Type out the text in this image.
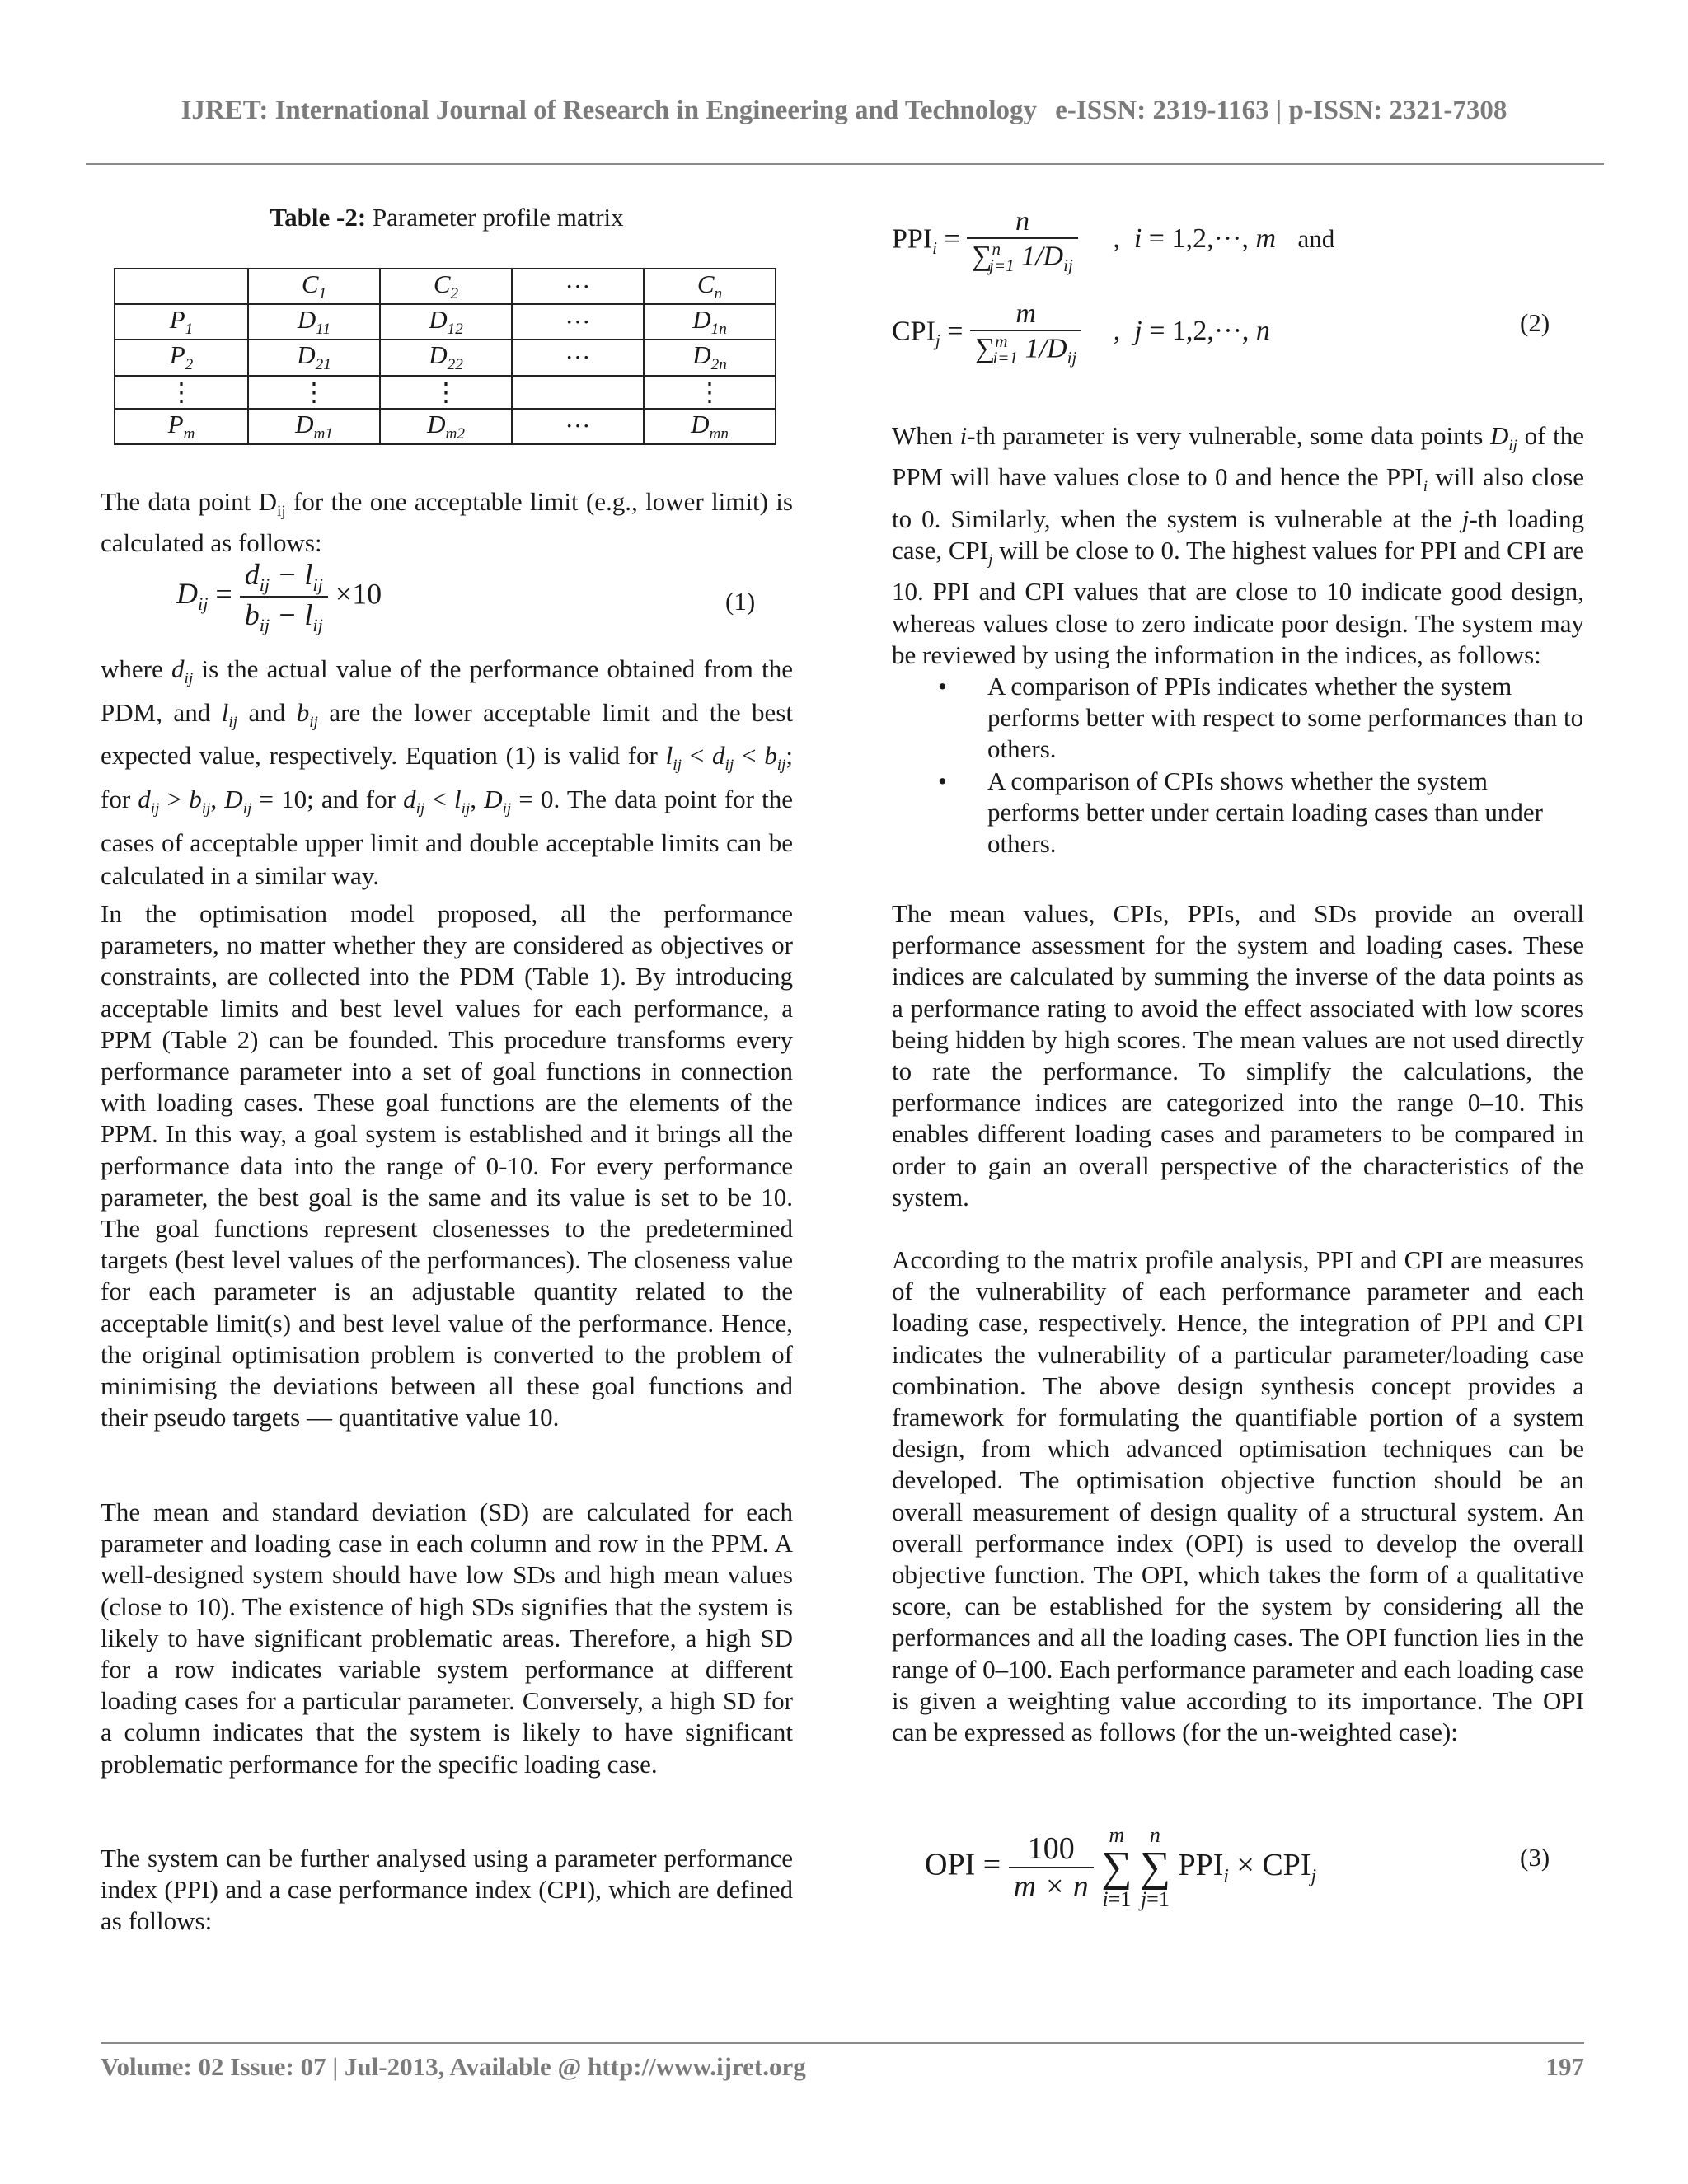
IJRET: International Journal of Research in Engineering and Technology e-ISSN: 2319-1163 | p-ISSN: 2321-7308
Table -2: Parameter profile matrix
	$C_1$	$C_2$	···	$C_n$
$P_1$	$D_{11}$	$D_{12}$	···	$D_{1n}$
$P_2$	$D_{21}$	$D_{22}$	···	$D_{2n}$
⋮	⋮	⋮		⋮
$P_m$	$D_{m1}$	$D_{m2}$	···	$D_{mn}$

The data point $D_{ij}$ for the one acceptable limit (e.g., lower limit) is calculated as follows:

$D_{ij} = \frac{d_{ij} - l_{ij}}{b_{ij} - l_{ij}} \times 10$	(1)

where $d_{ij}$ is the actual value of the performance obtained from the PDM, and $l_{ij}$ and $b_{ij}$ are the lower acceptable limit and the best expected value, respectively. Equation (1) is valid for $l_{ij} < d_{ij} < b_{ij}$; for $d_{ij} > b_{ij}$, $D_{ij} = 10$; and for $d_{ij} < l_{ij}$, $D_{ij} = 0$. The data point for the cases of acceptable upper limit and double acceptable limits can be calculated in a similar way.

In the optimisation model proposed, all the performance parameters, no matter whether they are considered as objectives or constraints, are collected into the PDM (Table 1). By introducing acceptable limits and best level values for each performance, a PPM (Table 2) can be founded. This procedure transforms every performance parameter into a set of goal functions in connection with loading cases. These goal functions are the elements of the PPM. In this way, a goal system is established and it brings all the performance data into the range of 0-10. For every performance parameter, the best goal is the same and its value is set to be 10. The goal functions represent closenesses to the predetermined targets (best level values of the performances). The closeness value for each parameter is an adjustable quantity related to the acceptable limit(s) and best level value of the performance. Hence, the original optimisation problem is converted to the problem of minimising the deviations between all these goal functions and their pseudo targets — quantitative value 10.

The mean and standard deviation (SD) are calculated for each parameter and loading case in each column and row in the PPM. A well-designed system should have low SDs and high mean values (close to 10). The existence of high SDs signifies that the system is likely to have significant problematic areas. Therefore, a high SD for a row indicates variable system performance at different loading cases for a particular parameter. Conversely, a high SD for a column indicates that the system is likely to have significant problematic performance for the specific loading case.

The system can be further analysed using a parameter performance index (PPI) and a case performance index (CPI), which are defined as follows:

$PPI_i = \frac{n}{\sum^n_{j=1} 1/D_{ij}}$ ,  i = 1,2,···, m and
$CPI_j = \frac{m}{\sum^m_{i=1} 1/D_{ij}}$ ,  j = 1,2,···, n	(2)

When i-th parameter is very vulnerable, some data points $D_{ij}$ of the PPM will have values close to 0 and hence the $PPI_i$ will also close to 0. Similarly, when the system is vulnerable at the j-th loading case, $CPI_j$ will be close to 0. The highest values for PPI and CPI are 10. PPI and CPI values that are close to 10 indicate good design, whereas values close to zero indicate poor design. The system may be reviewed by using the information in the indices, as follows:

• A comparison of PPIs indicates whether the system performs better with respect to some performances than to others.
• A comparison of CPIs shows whether the system performs better under certain loading cases than under others.

The mean values, CPIs, PPIs, and SDs provide an overall performance assessment for the system and loading cases. These indices are calculated by summing the inverse of the data points as a performance rating to avoid the effect associated with low scores being hidden by high scores. The mean values are not used directly to rate the performance. To simplify the calculations, the performance indices are categorized into the range 0–10. This enables different loading cases and parameters to be compared in order to gain an overall perspective of the characteristics of the system.

According to the matrix profile analysis, PPI and CPI are measures of the vulnerability of each performance parameter and each loading case, respectively. Hence, the integration of PPI and CPI indicates the vulnerability of a particular parameter/loading case combination. The above design synthesis concept provides a framework for formulating the quantifiable portion of a system design, from which advanced optimisation techniques can be developed. The optimisation objective function should be an overall measurement of design quality of a structural system. An overall performance index (OPI) is used to develop the overall objective function. The OPI, which takes the form of a qualitative score, can be established for the system by considering all the performances and all the loading cases. The OPI function lies in the range of 0–100. Each performance parameter and each loading case is given a weighting value according to its importance. The OPI can be expressed as follows (for the un-weighted case):

OPI = $\frac{100}{m \times n}$ m
∑
i=1 n
∑
j=1 $PPI_i \times CPI_j$
(3)
Volume: 02 Issue: 07 | Jul-2013, Available @ http://www.ijret.org	197
